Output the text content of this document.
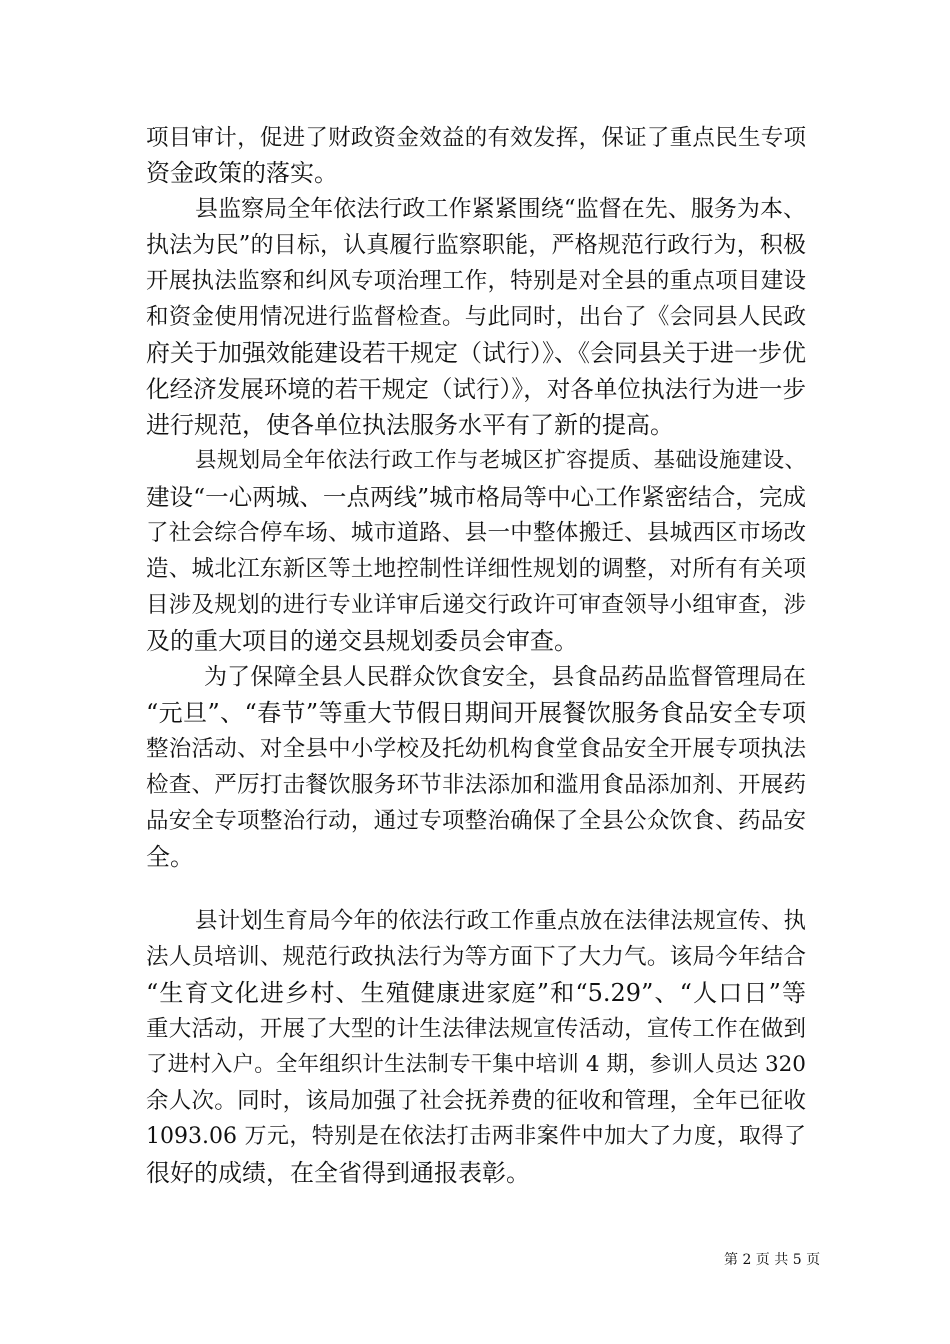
项目审计，促进了财政资金效益的有效发挥，保证了重点民生专项
资金政策的落实。
县监察局全年依法行政工作紧紧围绕“监督在先、服务为本、
执法为民”的目标，认真履行监察职能，严格规范行政行为，积极
开展执法监察和纠风专项治理工作，特别是对全县的重点项目建设
和资金使用情况进行监督检查。与此同时，出台了《会同县人民政
府关于加强效能建设若干规定（试行）》、《会同县关于进一步优
化经济发展环境的若干规定（试行）》，对各单位执法行为进一步
进行规范，使各单位执法服务水平有了新的提高。
县规划局全年依法行政工作与老城区扩容提质、基础设施建设、
建设“一心两城、一点两线”城市格局等中心工作紧密结合，完成
了社会综合停车场、城市道路、县一中整体搬迁、县城西区市场改
造、城北江东新区等土地控制性详细性规划的调整，对所有有关项
目涉及规划的进行专业详审后递交行政许可审查领导小组审查，涉
及的重大项目的递交县规划委员会审查。
为了保障全县人民群众饮食安全，县食品药品监督管理局在
“元旦”、“春节”等重大节假日期间开展餐饮服务食品安全专项
整治活动、对全县中小学校及托幼机构食堂食品安全开展专项执法
检查、严厉打击餐饮服务环节非法添加和滥用食品添加剂、开展药
品安全专项整治行动，通过专项整治确保了全县公众饮食、药品安
全。
县计划生育局今年的依法行政工作重点放在法律法规宣传、执
法人员培训、规范行政执法行为等方面下了大力气。该局今年结合
“生育文化进乡村、生殖健康进家庭”和“5.29”、“人口日”等
重大活动，开展了大型的计生法律法规宣传活动，宣传工作在做到
了进村入户。全年组织计生法制专干集中培训 4 期，参训人员达 320
余人次。同时，该局加强了社会抚养费的征收和管理，全年已征收
1093.06 万元，特别是在依法打击两非案件中加大了力度，取得了
很好的成绩，在全省得到通报表彰。
第 2 页 共 5 页
